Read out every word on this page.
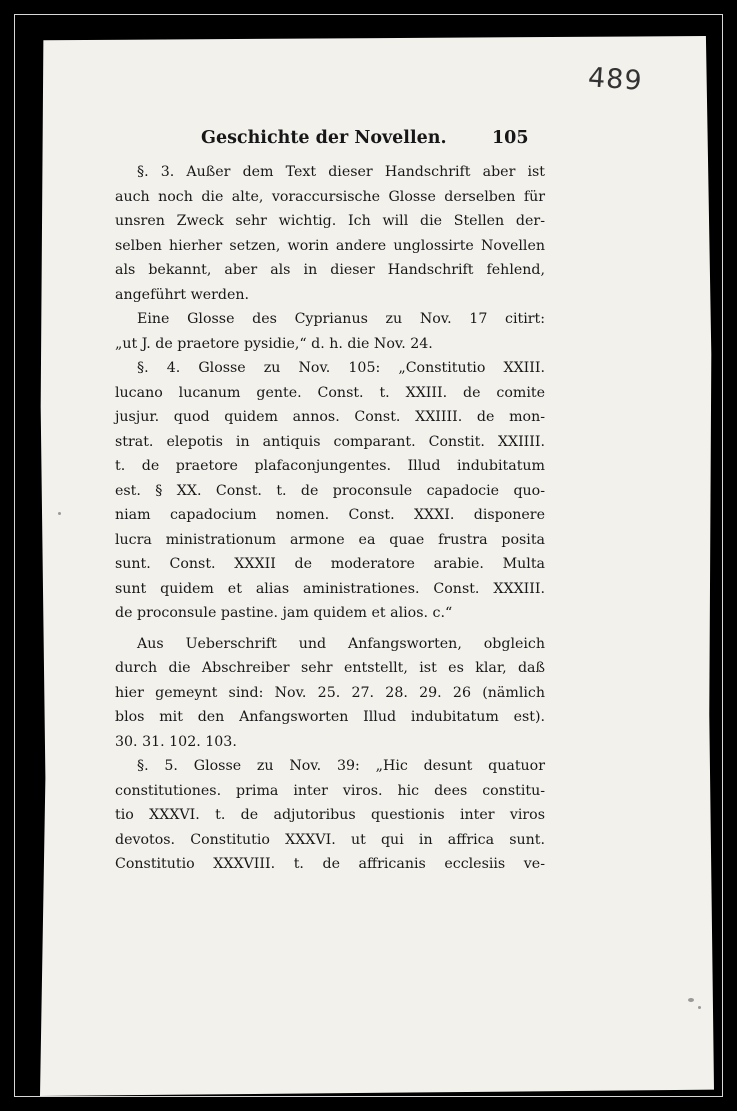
489
Geschichte der Novellen.	105

§. 3. Außer dem Text dieser Handschrift aber ist

auch noch die alte, voraccursische Glosse derselben für

unsren Zweck sehr wichtig. Ich will die Stellen der-

selben hierher setzen, worin andere unglossirte Novellen

als bekannt, aber als in dieser Handschrift fehlend,

angeführt werden.

Eine Glosse des Cyprianus zu Nov. 17 citirt:

„ut J. de praetore pysidie,“ d. h. die Nov. 24.

§. 4. Glosse zu Nov. 105: „Constitutio XXIII.

lucano lucanum gente. Const. t. XXIII. de comite

jusjur. quod quidem annos. Const. XXIIII. de mon-

strat. elepotis in antiquis comparant. Constit. XXIIII.

t. de praetore plafaconjungentes. Illud indubitatum

est. § XX. Const. t. de proconsule capadocie quo-

niam capadocium nomen. Const. XXXI. disponere

lucra ministrationum armone ea quae frustra posita

sunt. Const. XXXII de moderatore arabie. Multa

sunt quidem et alias aministrationes. Const. XXXIII.

de proconsule pastine. jam quidem et alios. c.“

Aus Ueberschrift und Anfangsworten, obgleich

durch die Abschreiber sehr entstellt, ist es klar, daß

hier gemeynt sind: Nov. 25. 27. 28. 29. 26 (nämlich

blos mit den Anfangsworten Illud indubitatum est).

30. 31. 102. 103.

§. 5. Glosse zu Nov. 39: „Hic desunt quatuor

constitutiones. prima inter viros. hic dees constitu-

tio XXXVI. t. de adjutoribus questionis inter viros

devotos. Constitutio XXXVI. ut qui in affrica sunt.

Constitutio XXXVIII. t. de affricanis ecclesiis ve-
